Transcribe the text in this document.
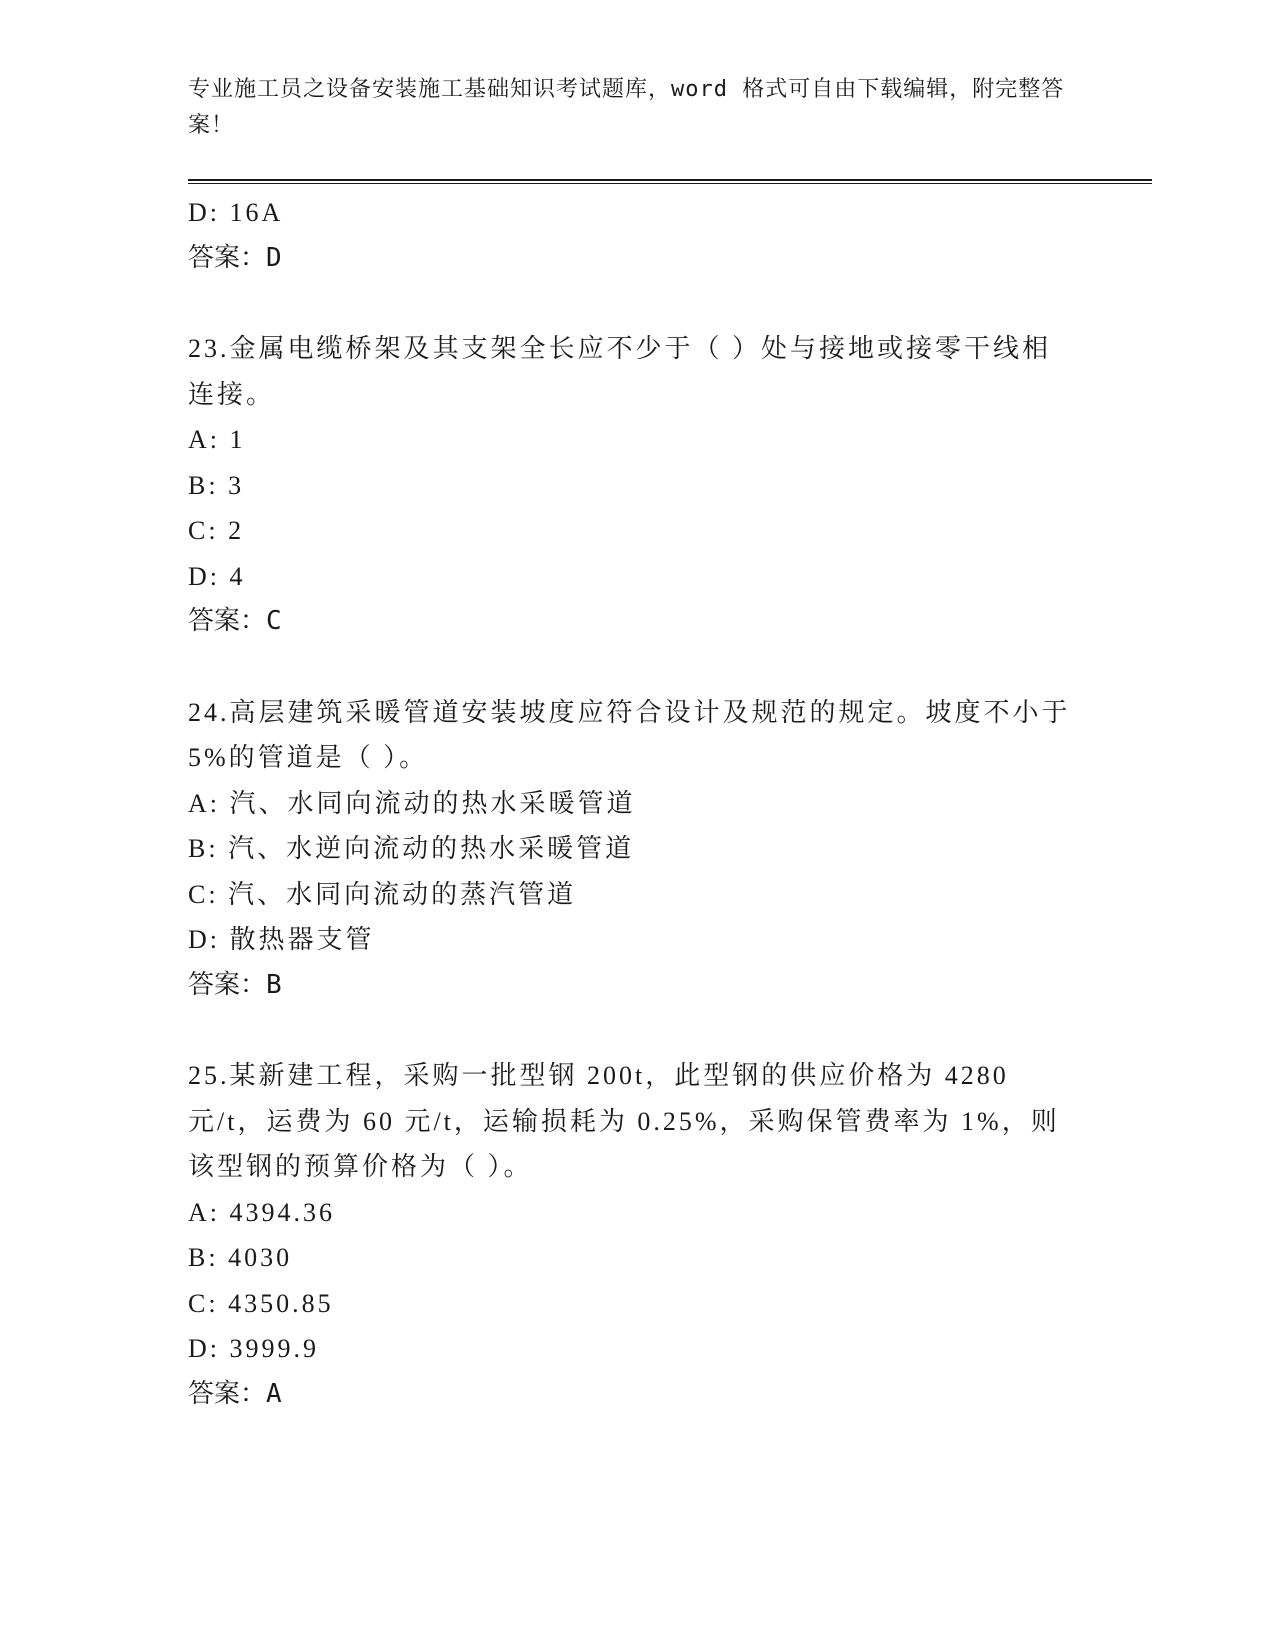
专业施工员之设备安装施工基础知识考试题库，word 格式可自由下载编辑，附完整答案！
D: 16A
答案：D
23.金属电缆桥架及其支架全长应不少于（ ）处与接地或接零干线相连接。
A: 1
B: 3
C: 2
D: 4
答案：C
24.高层建筑采暖管道安装坡度应符合设计及规范的规定。坡度不小于5%的管道是（ ）。
A: 汽、水同向流动的热水采暖管道
B: 汽、水逆向流动的热水采暖管道
C: 汽、水同向流动的蒸汽管道
D: 散热器支管
答案：B
25.某新建工程，采购一批型钢 200t，此型钢的供应价格为 4280 元/t，运费为 60 元/t，运输损耗为 0.25%，采购保管费率为 1%，则该型钢的预算价格为（ ）。
A: 4394.36
B: 4030
C: 4350.85
D: 3999.9
答案：A
